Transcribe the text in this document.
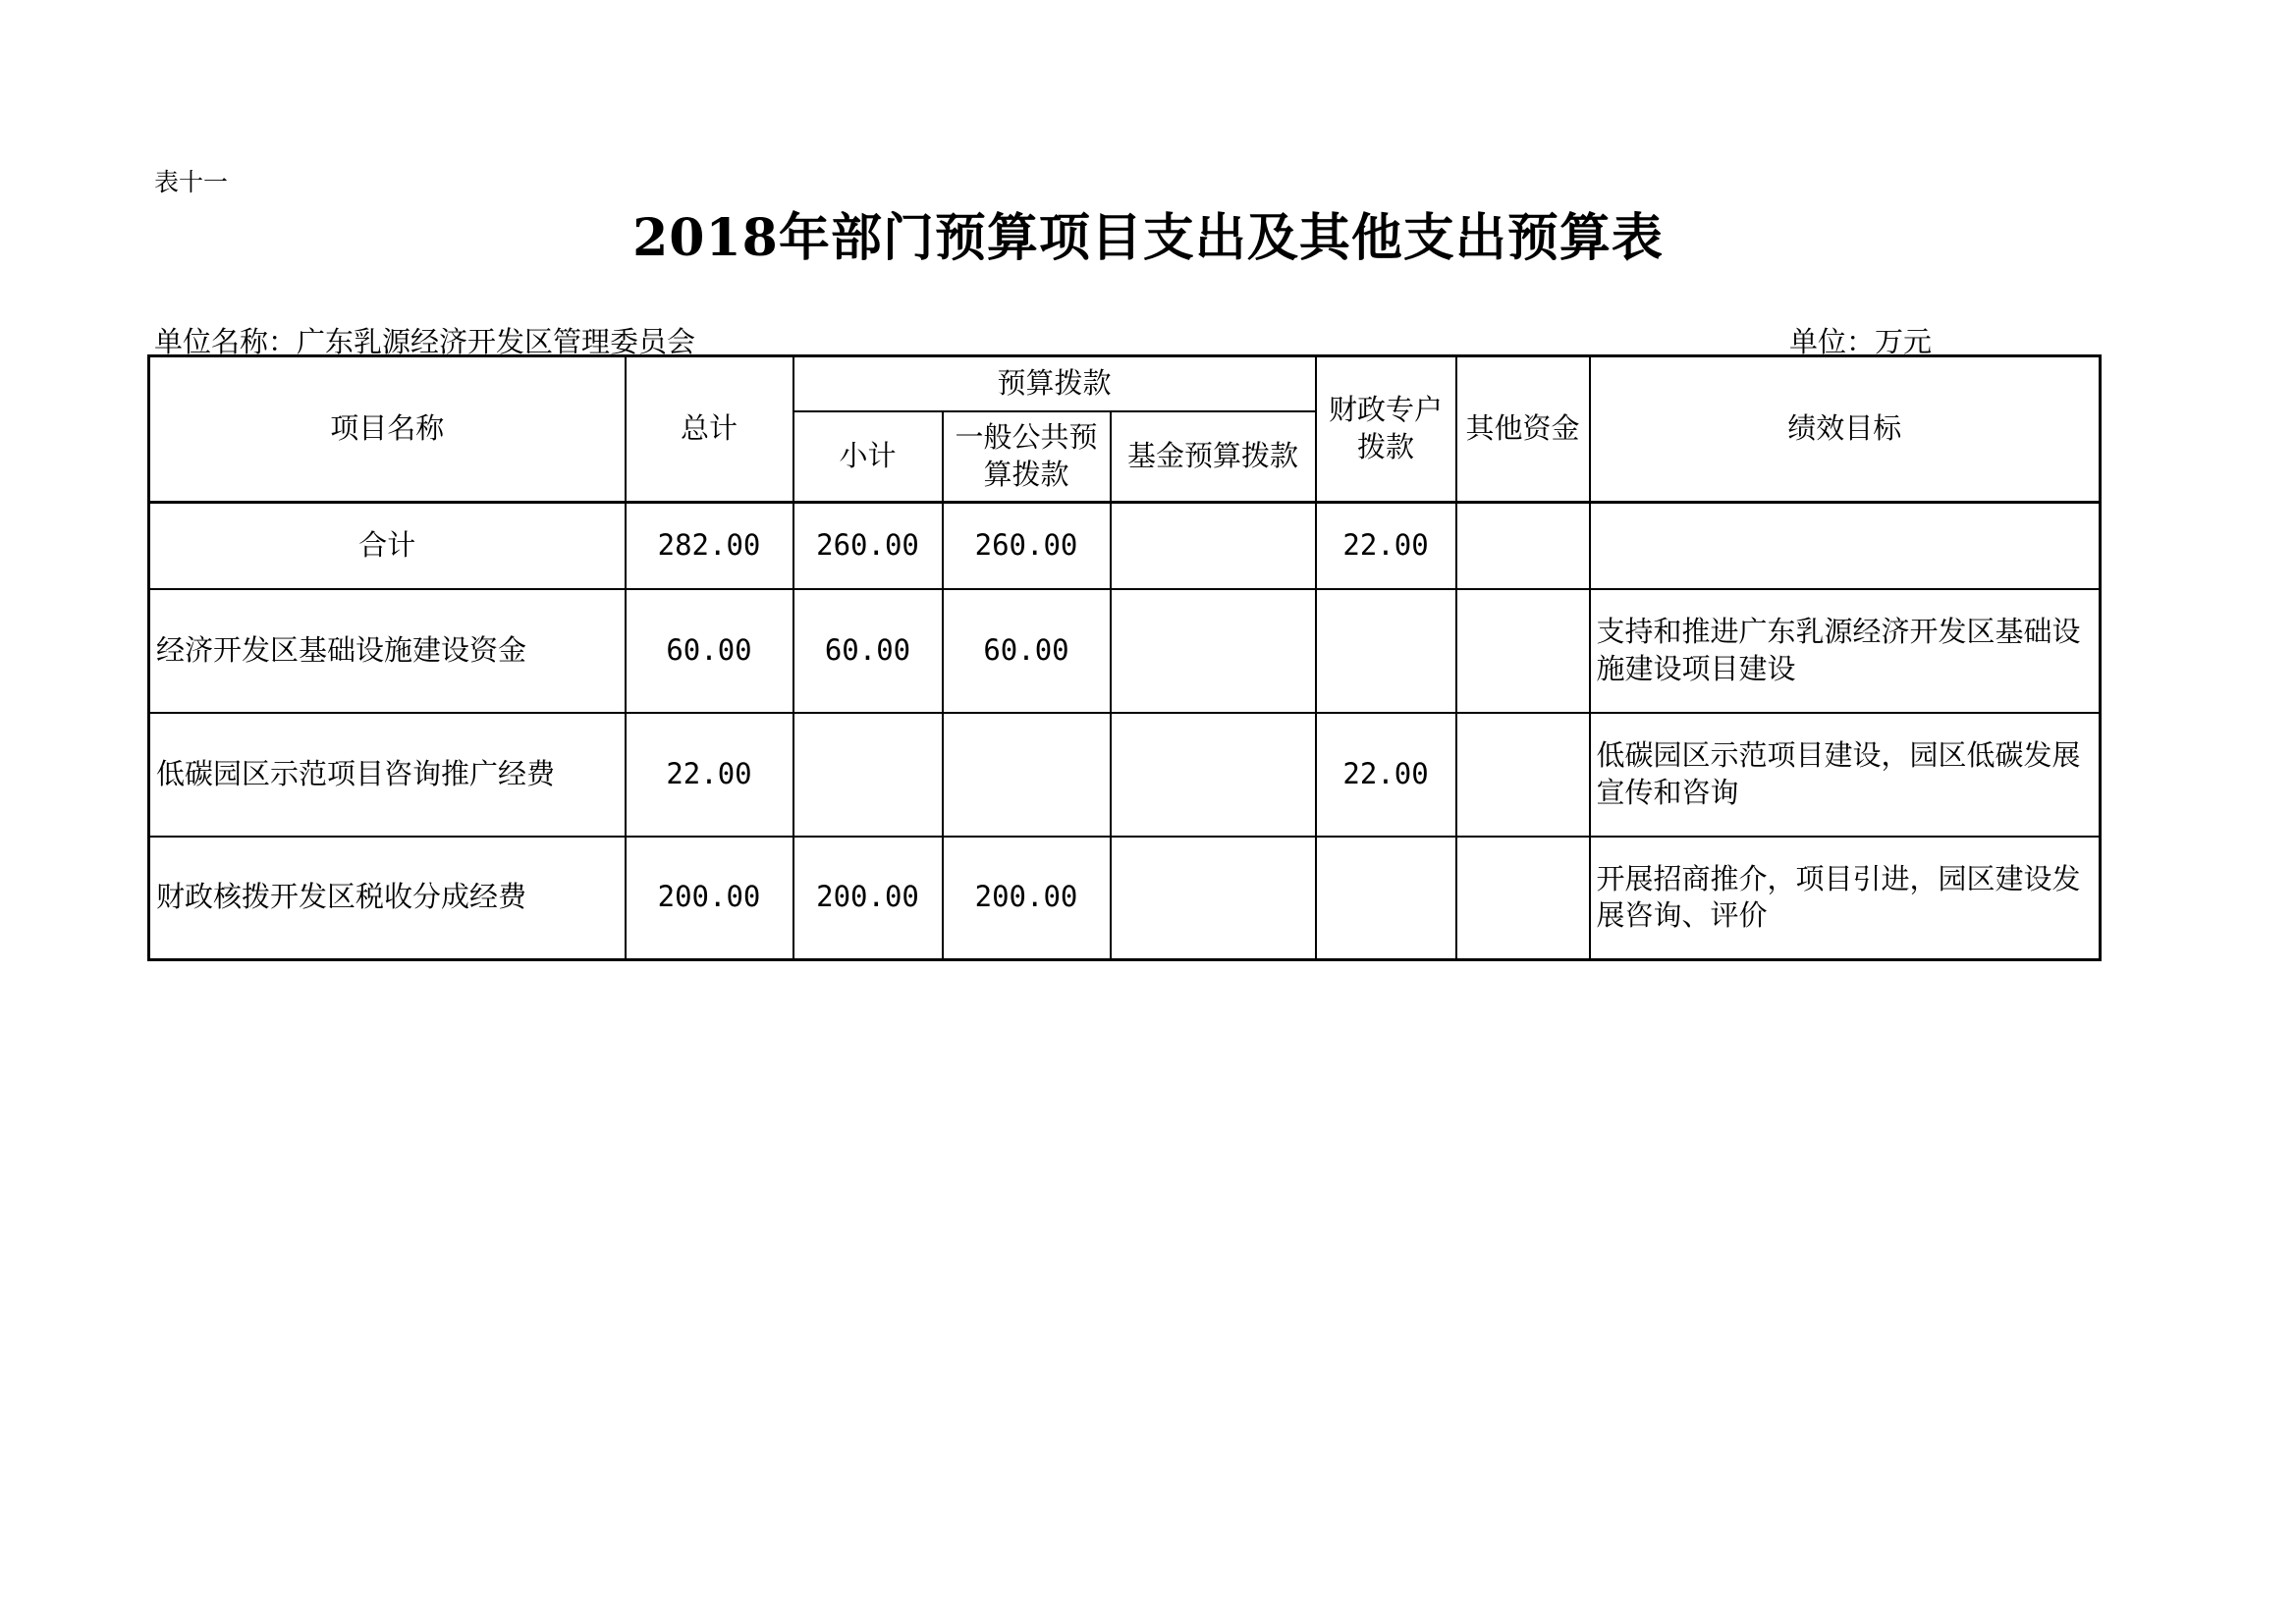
表十一
2018年部门预算项目支出及其他支出预算表
单位名称：广东乳源经济开发区管理委员会	单位：万元
项目名称	总计	预算拨款			财政专户拨款	其他资金	绩效目标
		小计	一般公共预算拨款	基金预算拨款			
合计	282.00	260.00	260.00		22.00		
经济开发区基础设施建设资金	60.00	60.00	60.00				支持和推进广东乳源经济开发区基础设施建设项目建设
低碳园区示范项目咨询推广经费	22.00				22.00		低碳园区示范项目建设，园区低碳发展宣传和咨询
财政核拨开发区税收分成经费	200.00	200.00	200.00				开展招商推介，项目引进，园区建设发展咨询、评价
